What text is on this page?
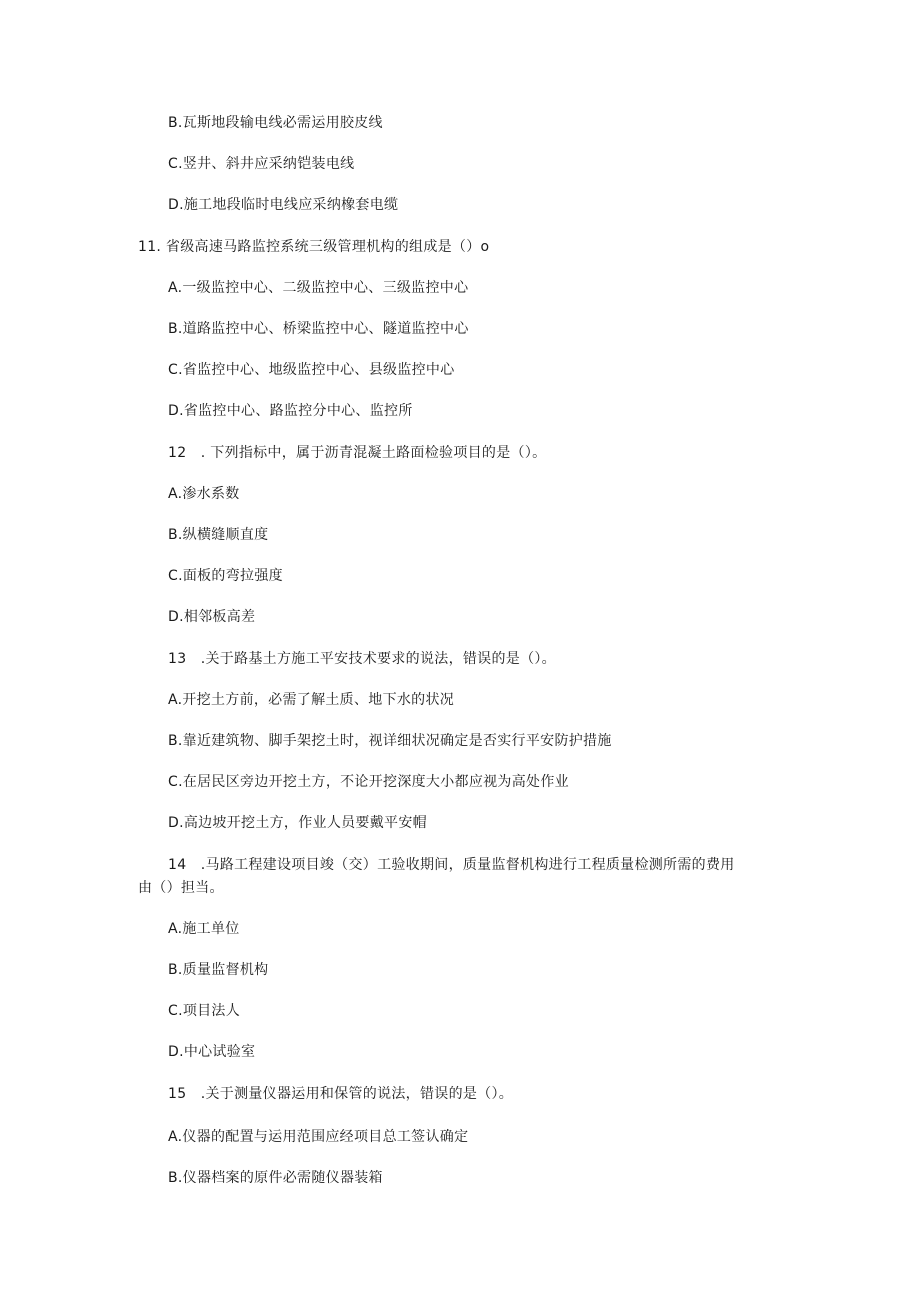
B.瓦斯地段输电线必需运用胶皮线
C.竖井、斜井应采纳铠装电线
D.施工地段临时电线应采纳橡套电缆
11. 省级高速马路监控系统三级管理机构的组成是（）o
A.一级监控中心、二级监控中心、三级监控中心
B.道路监控中心、桥梁监控中心、隧道监控中心
C.省监控中心、地级监控中心、县级监控中心
D.省监控中心、路监控分中心、监控所
12　. 下列指标中，属于沥青混凝土路面检验项目的是（）。
A.渗水系数
B.纵横缝顺直度
C.面板的弯拉强度
D.相邻板高差
13　.关于路基土方施工平安技术要求的说法，错误的是（）。
A.开挖土方前，必需了解土质、地下水的状况
B.靠近建筑物、脚手架挖土时，视详细状况确定是否实行平安防护措施
C.在居民区旁边开挖土方，不论开挖深度大小都应视为高处作业
D.高边坡开挖土方，作业人员要戴平安帽
14　.马路工程建设项目竣（交）工验收期间，质量监督机构进行工程质量检测所需的费用
由（）担当。
A.施工单位
B.质量监督机构
C.项目法人
D.中心试验室
15　.关于测量仪器运用和保管的说法，错误的是（）。
A.仪器的配置与运用范围应经项目总工签认确定
B.仪器档案的原件必需随仪器装箱
